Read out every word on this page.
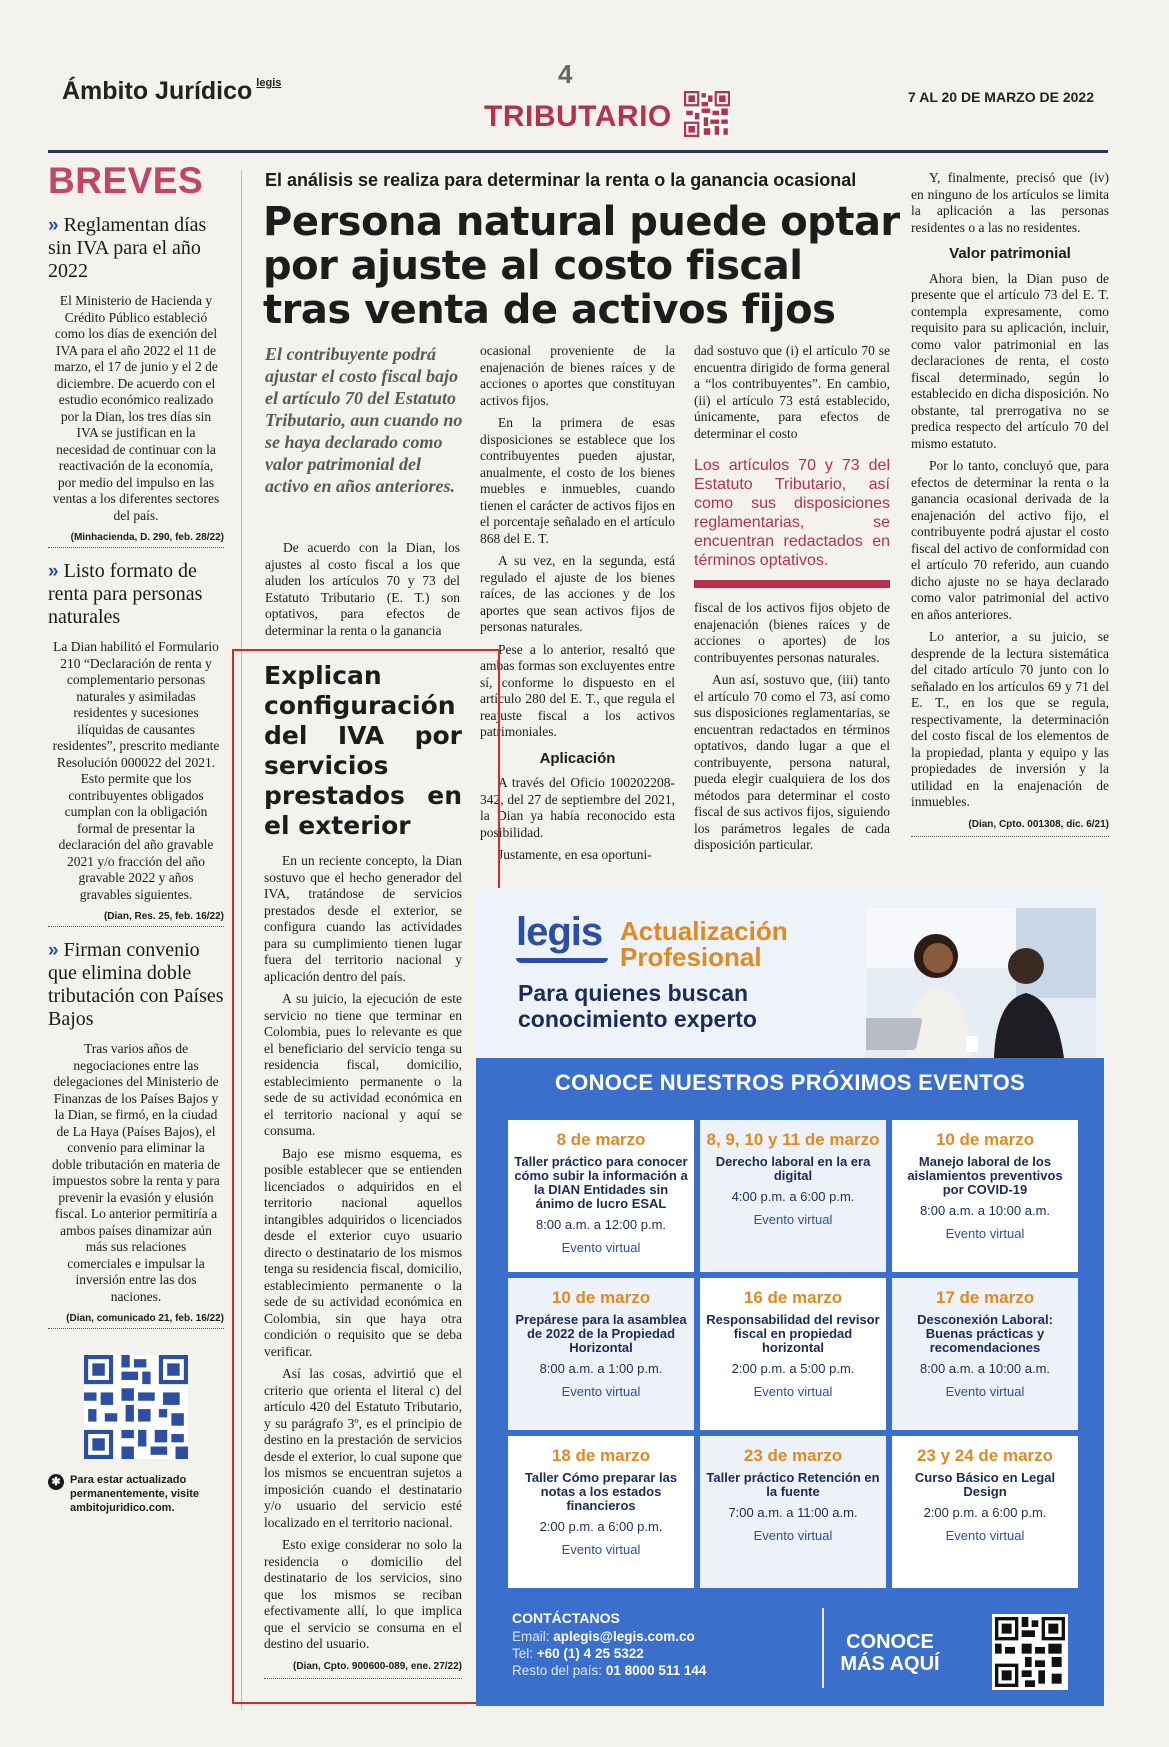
Ámbito Jurídico $^{legis}$	4
TRIBUTARIO
7 AL 20 DE MARZO DE 2022
BREVES
» Reglamentan días sin IVA para el año 2022

El Ministerio de Hacienda y Crédito Público estableció como los días de exención del IVA para el año 2022 el 11 de marzo, el 17 de junio y el 2 de diciembre. De acuerdo con el estudio económico realizado por la Dian, los tres días sin IVA se justifican en la necesidad de continuar con la reactivación de la economía, por medio del impulso en las ventas a los diferentes sectores del país.

(Minhacienda, D. 290, feb. 28/22)
» Listo formato de renta para personas naturales

La Dian habilitó el Formulario 210 “Declaración de renta y complementario personas naturales y asimiladas residentes y sucesiones ilíquidas de causantes residentes”, prescrito mediante Resolución 000022 del 2021. Esto permite que los contribuyentes obligados cumplan con la obligación formal de presentar la declaración del año gravable 2021 y/o fracción del año gravable 2022 y años gravables siguientes.

(Dian, Res. 25, feb. 16/22)
» Firman convenio que elimina doble tributación con Países Bajos

Tras varios años de negociaciones entre las delegaciones del Ministerio de Finanzas de los Países Bajos y la Dian, se firmó, en la ciudad de La Haya (Países Bajos), el convenio para eliminar la doble tributación en materia de impuestos sobre la renta y para prevenir la evasión y elusión fiscal. Lo anterior permitiría a ambos países dinamizar aún más sus relaciones comerciales e impulsar la inversión entre las dos naciones.

(Dian, comunicado 21, feb. 16/22)
✱ Para estar actualizado permanentemente, visite ambitojuridico.com.
El análisis se realiza para determinar la renta o la ganancia ocasional
Persona natural puede optar por ajuste al costo fiscal tras venta de activos fijos
El contribuyente podrá ajustar el costo fiscal bajo el artículo 70 del Estatuto Tributario, aun cuando no se haya declarado como valor patrimonial del activo en años anteriores.

De acuerdo con la Dian, los ajustes al costo fiscal a los que aluden los artículos 70 y 73 del Estatuto Tributario (E. T.) son optativos, para efectos de determinar la renta o la ganancia

ocasional proveniente de la enajenación de bienes raíces y de acciones o aportes que constituyan activos fijos.

En la primera de esas disposiciones se establece que los contribuyentes pueden ajustar, anualmente, el costo de los bienes muebles e inmuebles, cuando tienen el carácter de activos fijos en el porcentaje señalado en el artículo 868 del E. T.

A su vez, en la segunda, está regulado el ajuste de los bienes raíces, de las acciones y de los aportes que sean activos fijos de personas naturales.

Pese a lo anterior, resaltó que ambas formas son excluyentes entre sí, conforme lo dispuesto en el artículo 280 del E. T., que regula el reajuste fiscal a los activos patrimoniales.

Aplicación

A través del Oficio 100202208-342, del 27 de septiembre del 2021, la Dian ya había reconocido esta posibilidad.

Justamente, en esa oportuni-

dad sostuvo que (i) el artículo 70 se encuentra dirigido de forma general a “los contribuyentes”. En cambio, (ii) el artículo 73 está establecido, únicamente, para efectos de determinar el costo

Los artículos 70 y 73 del Estatuto Tributario, así como sus disposiciones reglamentarias, se encuentran redactados en términos optativos.

fiscal de los activos fijos objeto de enajenación (bienes raíces y de acciones o aportes) de los contribuyentes personas naturales.

Aun así, sostuvo que, (iii) tanto el artículo 70 como el 73, así como sus disposiciones reglamentarias, se encuentran redactados en términos optativos, dando lugar a que el contribuyente, persona natural, pueda elegir cualquiera de los dos métodos para determinar el costo fiscal de sus activos fijos, siguiendo los parámetros legales de cada disposición particular.

Y, finalmente, precisó que (iv) en ninguno de los artículos se limita la aplicación a las personas residentes o a las no residentes.

Valor patrimonial

Ahora bien, la Dian puso de presente que el artículo 73 del E. T. contempla expresamente, como requisito para su aplicación, incluir, como valor patrimonial en las declaraciones de renta, el costo fiscal determinado, según lo establecido en dicha disposición. No obstante, tal prerrogativa no se predica respecto del artículo 70 del mismo estatuto.

Por lo tanto, concluyó que, para efectos de determinar la renta o la ganancia ocasional derivada de la enajenación del activo fijo, el contribuyente podrá ajustar el costo fiscal del activo de conformidad con el artículo 70 referido, aun cuando dicho ajuste no se haya declarado como valor patrimonial del activo en años anteriores.

Lo anterior, a su juicio, se desprende de la lectura sistemática del citado artículo 70 junto con lo señalado en los artículos 69 y 71 del E. T., en los que se regula, respectivamente, la determinación del costo fiscal de los elementos de la propiedad, planta y equipo y las propiedades de inversión y la utilidad en la enajenación de inmuebles.

(Dian, Cpto. 001308, dic. 6/21)
Explican configuración del IVA por servicios prestados en el exterior

En un reciente concepto, la Dian sostuvo que el hecho generador del IVA, tratándose de servicios prestados desde el exterior, se configura cuando las actividades para su cumplimiento tienen lugar fuera del territorio nacional y aplicación dentro del país.

A su juicio, la ejecución de este servicio no tiene que terminar en Colombia, pues lo relevante es que el beneficiario del servicio tenga su residencia fiscal, domicilio, establecimiento permanente o la sede de su actividad económica en el territorio nacional y aquí se consuma.

Bajo ese mismo esquema, es posible establecer que se entienden licenciados o adquiridos en el territorio nacional aquellos intangibles adquiridos o licenciados desde el exterior cuyo usuario directo o destinatario de los mismos tenga su residencia fiscal, domicilio, establecimiento permanente o la sede de su actividad económica en Colombia, sin que haya otra condición o requisito que se deba verificar.

Así las cosas, advirtió que el criterio que orienta el literal c) del artículo 420 del Estatuto Tributario, y su parágrafo 3º, es el principio de destino en la prestación de servicios desde el exterior, lo cual supone que los mismos se encuentran sujetos a imposición cuando el destinatario y/o usuario del servicio esté localizado en el territorio nacional.

Esto exige considerar no solo la residencia o domicilio del destinatario de los servicios, sino que los mismos se reciban efectivamente allí, lo que implica que el servicio se consuma en el destino del usuario.

(Dian, Cpto. 900600-089, ene. 27/22)
legis Actualización
Profesional
Para quienes buscan
conocimiento experto
CONOCE NUESTROS PRÓXIMOS EVENTOS
8 de marzo
Taller práctico para conocer cómo subir la información a la DIAN Entidades sin ánimo de lucro ESAL
8:00 a.m. a 12:00 p.m.
Evento virtual
8, 9, 10 y 11 de marzo
Derecho laboral en la era digital
4:00 p.m. a 6:00 p.m.
Evento virtual
10 de marzo
Manejo laboral de los aislamientos preventivos por COVID-19
8:00 a.m. a 10:00 a.m.
Evento virtual
10 de marzo
Prepárese para la asamblea de 2022 de la Propiedad Horizontal
8:00 a.m. a 1:00 p.m.
Evento virtual
16 de marzo
Responsabilidad del revisor fiscal en propiedad horizontal
2:00 p.m. a 5:00 p.m.
Evento virtual
17 de marzo
Desconexión Laboral: Buenas prácticas y recomendaciones
8:00 a.m. a 10:00 a.m.
Evento virtual
18 de marzo
Taller Cómo preparar las notas a los estados financieros
2:00 p.m. a 6:00 p.m.
Evento virtual
23 de marzo
Taller práctico Retención en la fuente
7:00 a.m. a 11:00 a.m.
Evento virtual
23 y 24 de marzo
Curso Básico en Legal Design
2:00 p.m. a 6:00 p.m.
Evento virtual
CONTÁCTANOS
Email: aplegis@legis.com.co
Tel: +60 (1) 4 25 5322
Resto del país: 01 8000 511 144
CONOCE
MÁS AQUÍ
